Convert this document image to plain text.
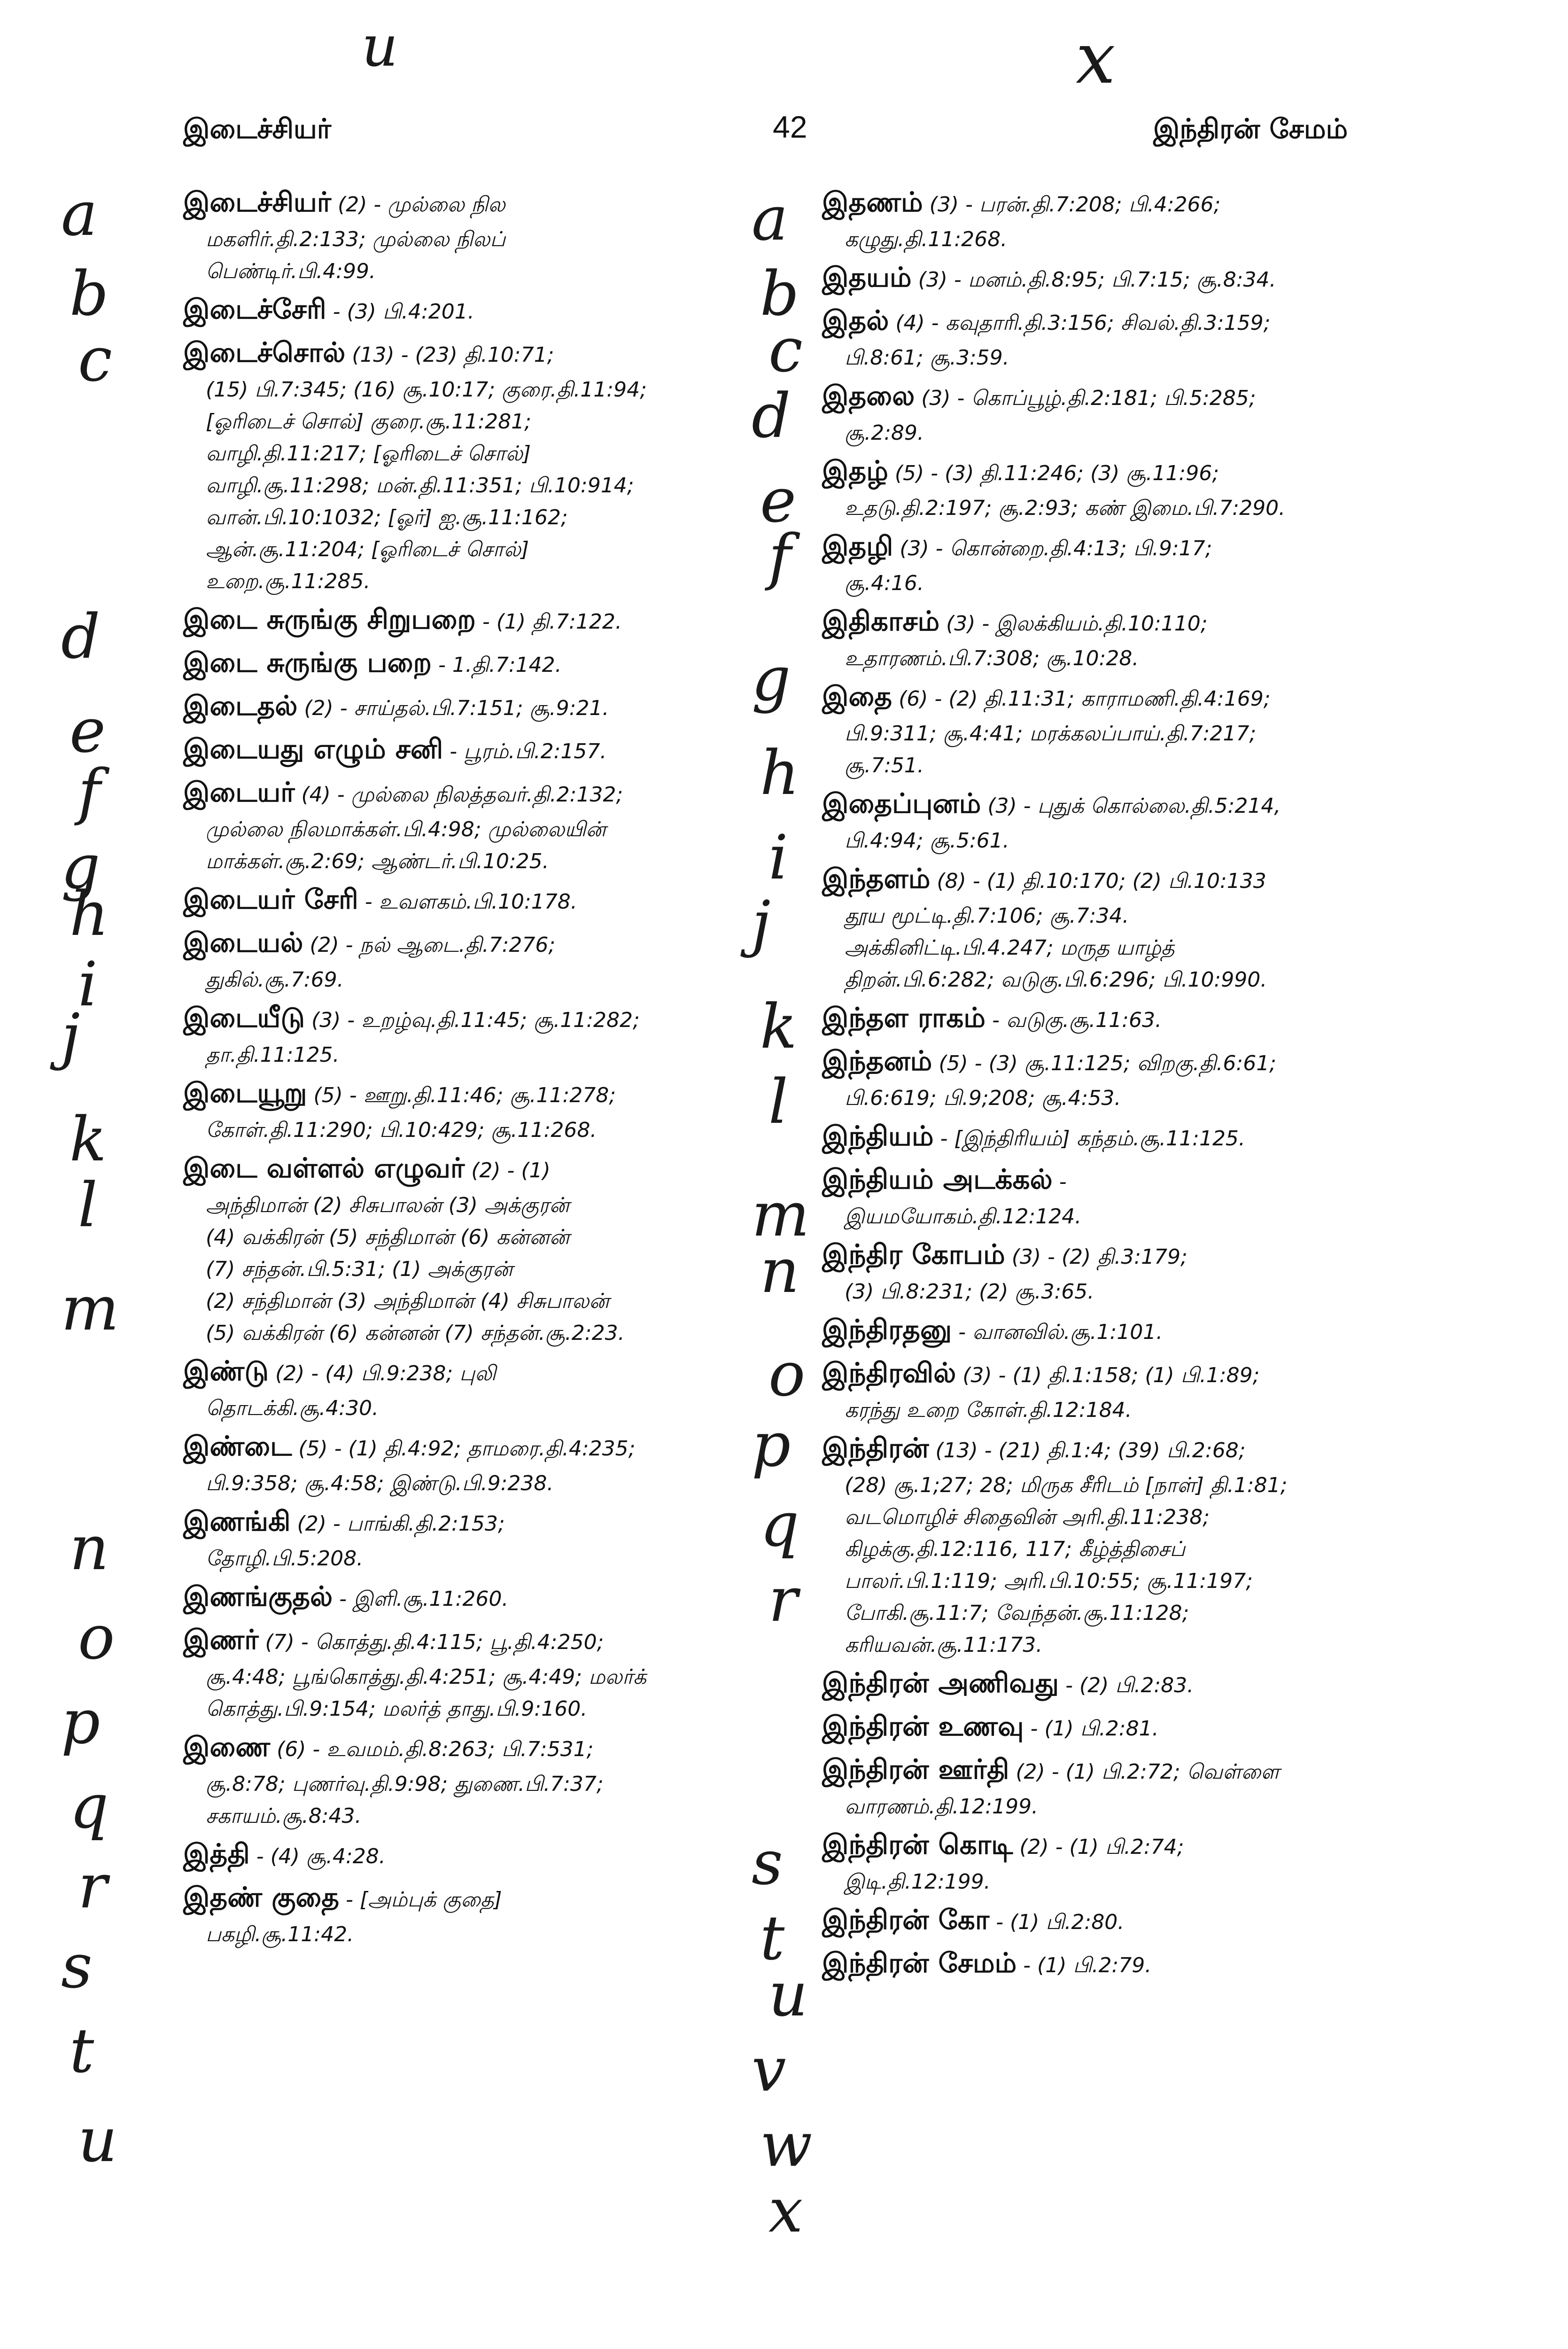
u	x
இடைச்சியர்	42	இந்திரன் சேமம்
இடைச்சியர் (2) - முல்லை நில
மகளிர்.தி.2:133; முல்லை நிலப்
பெண்டிர்.பி.4:99.
இடைச்சேரி - (3) பி.4:201.
இடைச்சொல் (13) - (23) தி.10:71;
(15) பி.7:345; (16) சூ.10:17; குரை.தி.11:94;
[ஓரிடைச் சொல்] குரை.சூ.11:281;
வாழி.தி.11:217; [ஓரிடைச் சொல்]
வாழி.சூ.11:298; மன்.தி.11:351; பி.10:914;
வான்.பி.10:1032; [ஓர்] ஐ.சூ.11:162;
ஆன்.சூ.11:204; [ஓரிடைச் சொல்]
உறை.சூ.11:285.
இடை சுருங்கு சிறுபறை - (1) தி.7:122.
இடை சுருங்கு பறை - 1.தி.7:142.
இடைதல் (2) - சாய்தல்.பி.7:151; சூ.9:21.
இடையது எழும் சனி - பூரம்.பி.2:157.
இடையர் (4) - முல்லை நிலத்தவர்.தி.2:132;
முல்லை நிலமாக்கள்.பி.4:98; முல்லையின்
மாக்கள்.சூ.2:69; ஆண்டர்.பி.10:25.
இடையர் சேரி - உவளகம்.பி.10:178.
இடையல் (2) - நல் ஆடை.தி.7:276;
துகில்.சூ.7:69.
இடையீடு (3) - உறழ்வு.தி.11:45; சூ.11:282;
தா.தி.11:125.
இடையூறு (5) - ஊறு.தி.11:46; சூ.11:278;
கோள்.தி.11:290; பி.10:429; சூ.11:268.
இடை வள்ளல் எழுவர் (2) - (1)
அந்திமான் (2) சிசுபாலன் (3) அக்குரன்
(4) வக்கிரன் (5) சந்திமான் (6) கன்னன்
(7) சந்தன்.பி.5:31; (1) அக்குரன்
(2) சந்திமான் (3) அந்திமான் (4) சிசுபாலன்
(5) வக்கிரன் (6) கன்னன் (7) சந்தன்.சூ.2:23.
இண்டு (2) - (4) பி.9:238; புலி
தொடக்கி.சூ.4:30.
இண்டை (5) - (1) தி.4:92; தாமரை.தி.4:235;
பி.9:358; சூ.4:58; இண்டு.பி.9:238.
இணங்கி (2) - பாங்கி.தி.2:153;
தோழி.பி.5:208.
இணங்குதல் - இளி.சூ.11:260.
இணர் (7) - கொத்து.தி.4:115; பூ.தி.4:250;
சூ.4:48; பூங்கொத்து.தி.4:251; சூ.4:49; மலர்க்
கொத்து.பி.9:154; மலர்த் தாது.பி.9:160.
இணை (6) - உவமம்.தி.8:263; பி.7:531;
சூ.8:78; புணர்வு.தி.9:98; துணை.பி.7:37;
சகாயம்.சூ.8:43.
இத்தி - (4) சூ.4:28.
இதண் குதை - [அம்புக் குதை]
பகழி.சூ.11:42.
இதணம் (3) - பரன்.தி.7:208; பி.4:266;
கழுது.தி.11:268.
இதயம் (3) - மனம்.தி.8:95; பி.7:15; சூ.8:34.
இதல் (4) - கவுதாரி.தி.3:156; சிவல்.தி.3:159;
பி.8:61; சூ.3:59.
இதலை (3) - கொப்பூழ்.தி.2:181; பி.5:285;
சூ.2:89.
இதழ் (5) - (3) தி.11:246; (3) சூ.11:96;
உதடு.தி.2:197; சூ.2:93; கண் இமை.பி.7:290.
இதழி (3) - கொன்றை.தி.4:13; பி.9:17;
சூ.4:16.
இதிகாசம் (3) - இலக்கியம்.தி.10:110;
உதாரணம்.பி.7:308; சூ.10:28.
இதை (6) - (2) தி.11:31; காராமணி.தி.4:169;
பி.9:311; சூ.4:41; மரக்கலப்பாய்.தி.7:217;
சூ.7:51.
இதைப்புனம் (3) - புதுக் கொல்லை.தி.5:214,
பி.4:94; சூ.5:61.
இந்தளம் (8) - (1) தி.10:170; (2) பி.10:133
தூய மூட்டி.தி.7:106; சூ.7:34.
அக்கினிட்டி.பி.4.247; மருத யாழ்த்
திறன்.பி.6:282; வடுகு.பி.6:296; பி.10:990.
இந்தள ராகம் - வடுகு.சூ.11:63.
இந்தனம் (5) - (3) சூ.11:125; விறகு.தி.6:61;
பி.6:619; பி.9;208; சூ.4:53.
இந்தியம் - [இந்திரியம்] கந்தம்.சூ.11:125.
இந்தியம் அடக்கல் -
இயமயோகம்.தி.12:124.
இந்திர கோபம் (3) - (2) தி.3:179;
(3) பி.8:231; (2) சூ.3:65.
இந்திரதனு - வானவில்.சூ.1:101.
இந்திரவில் (3) - (1) தி.1:158; (1) பி.1:89;
கரந்து உறை கோள்.தி.12:184.
இந்திரன் (13) - (21) தி.1:4; (39) பி.2:68;
(28) சூ.1;27; 28; மிருக சீரிடம் [நாள்] தி.1:81;
வடமொழிச் சிதைவின் அரி.தி.11:238;
கிழக்கு.தி.12:116, 117; கீழ்த்திசைப்
பாலர்.பி.1:119; அரி.பி.10:55; சூ.11:197;
போகி.சூ.11:7; வேந்தன்.சூ.11:128;
கரியவன்.சூ.11:173.
இந்திரன் அணிவது - (2) பி.2:83.
இந்திரன் உணவு - (1) பி.2:81.
இந்திரன் ஊர்தி (2) - (1) பி.2:72; வெள்ளை
வாரணம்.தி.12:199.
இந்திரன் கொடி (2) - (1) பி.2:74;
இடி.தி.12:199.
இந்திரன் கோ - (1) பி.2:80.
இந்திரன் சேமம் - (1) பி.2:79.
a
b
c
d
e
f
g
h
i
j
k
l
m
n
o
p
q
r
s
t
u
a
b
c
d
e
f
g
h
i
j
k
l
m
n
o
p
q
r
s
t
u
v
w
x
